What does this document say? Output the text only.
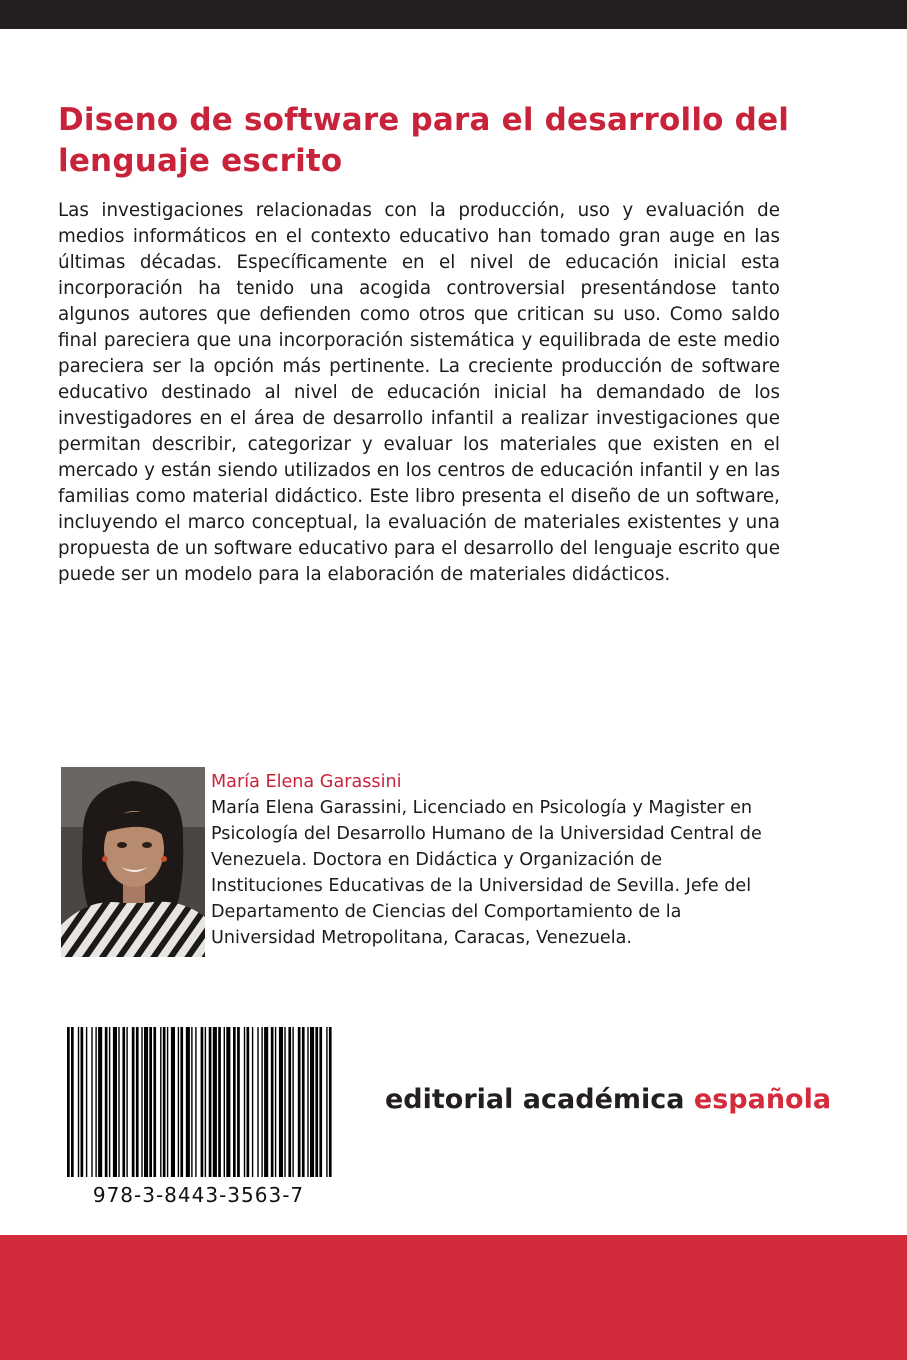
Diseno de software para el desarrollo del lenguaje escrito

Las investigaciones relacionadas con la producción, uso y evaluación de medios informáticos en el contexto educativo han tomado gran auge en las últimas décadas. Específicamente en el nivel de educación inicial esta incorporación ha tenido una acogida controversial presentándose tanto algunos autores que defienden como otros que critican su uso. Como saldo final pareciera que una incorporación sistemática y equilibrada de este medio pareciera ser la opción más pertinente. La creciente producción de software educativo destinado al nivel de educación inicial ha demandado de los investigadores en el área de desarrollo infantil a realizar investigaciones que permitan describir, categorizar y evaluar los materiales que existen en el mercado y están siendo utilizados en los centros de educación infantil y en las familias como material didáctico. Este libro presenta el diseño de un software, incluyendo el marco conceptual, la evaluación de materiales existentes y una propuesta de un software educativo para el desarrollo del lenguaje escrito que puede ser un modelo para la elaboración de materiales didácticos.

María Elena Garassini

María Elena Garassini, Licenciado en Psicología y Magister en Psicología del Desarrollo Humano de la Universidad Central de Venezuela. Doctora en Didáctica y Organización de Instituciones Educativas de la Universidad de Sevilla. Jefe del Departamento de Ciencias del Comportamiento de la Universidad Metropolitana, Caracas, Venezuela.

978-3-8443-3563-7
editorial académica española
